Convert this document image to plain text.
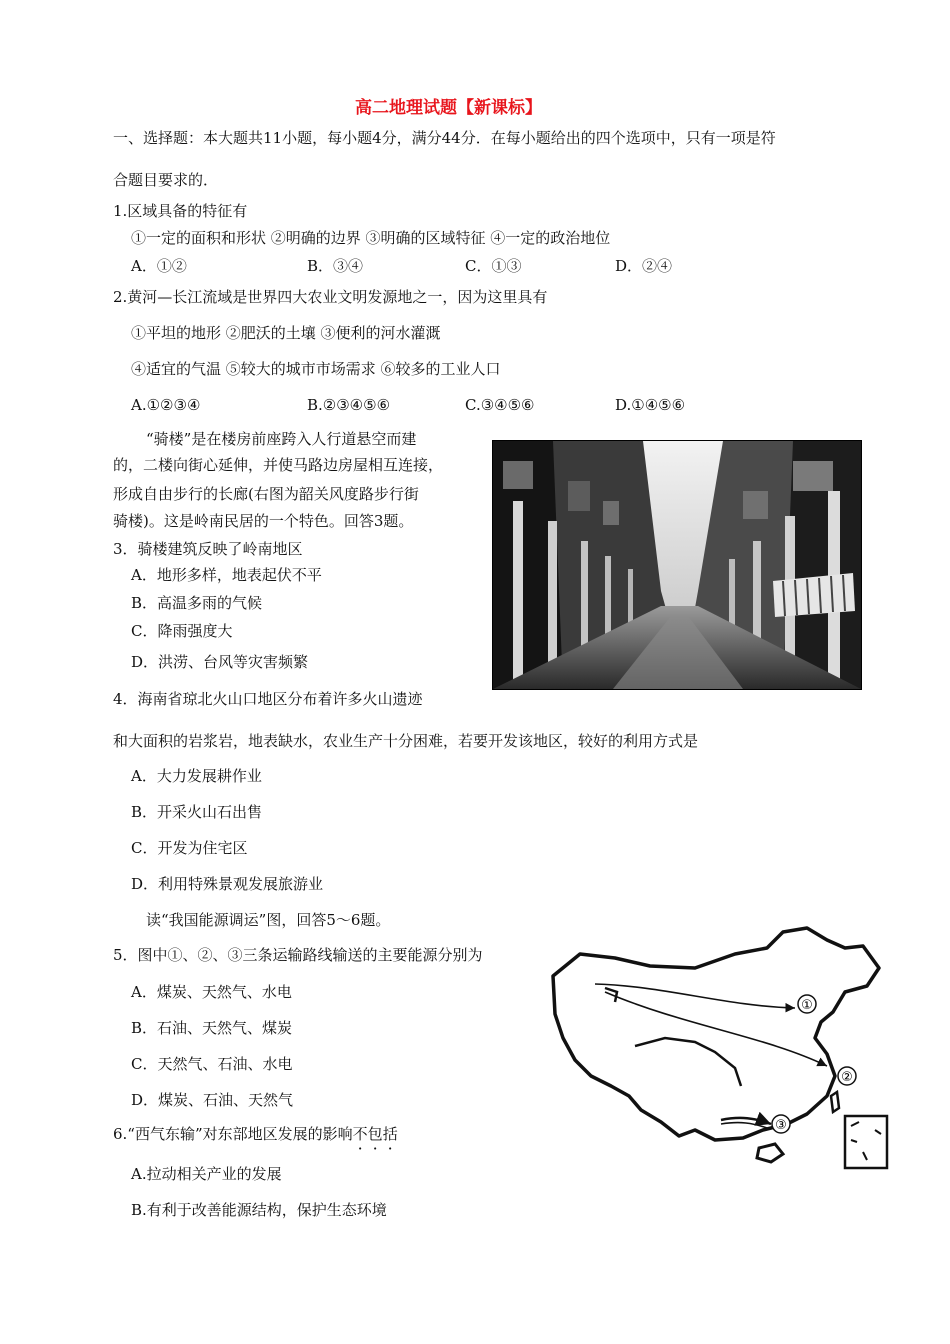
高二地理试题【新课标】
一、选择题：本大题共11小题，每小题4分，满分44分．在每小题给出的四个选项中，只有一项是符
合题目要求的．
1.区域具备的特征有
①一定的面积和形状 ②明确的边界 ③明确的区域特征 ④一定的政治地位
A．①②	B．③④	C．①③	D．②④
2.黄河—长江流域是世界四大农业文明发源地之一，因为这里具有
①平坦的地形 ②肥沃的土壤 ③便利的河水灌溉
④适宜的气温 ⑤较大的城市市场需求 ⑥较多的工业人口
A.①②③④	B.②③④⑤⑥	C.③④⑤⑥	D.①④⑤⑥
“骑楼”是在楼房前座跨入人行道悬空而建
的，二楼向街心延伸，并使马路边房屋相互连接，
形成自由步行的长廊(右图为韶关风度路步行街
骑楼)。这是岭南民居的一个特色。回答3题。
3．骑楼建筑反映了岭南地区
A．地形多样，地表起伏不平
B．高温多雨的气候
C．降雨强度大
D．洪涝、台风等灾害频繁
4．海南省琼北火山口地区分布着许多火山遗迹
和大面积的岩浆岩，地表缺水，农业生产十分困难，若要开发该地区，较好的利用方式是
A．大力发展耕作业
B．开采火山石出售
C．开发为住宅区
D．利用特殊景观发展旅游业
读“我国能源调运”图，回答5～6题。
5．图中①、②、③三条运输路线输送的主要能源分别为
A．煤炭、天然气、水电
B．石油、天然气、煤炭
C．天然气、石油、水电
D．煤炭、石油、天然气
6.“西气东输”对东部地区发展的影响不包括
A.拉动相关产业的发展
B.有利于改善能源结构，保护生态环境
①
②
③
